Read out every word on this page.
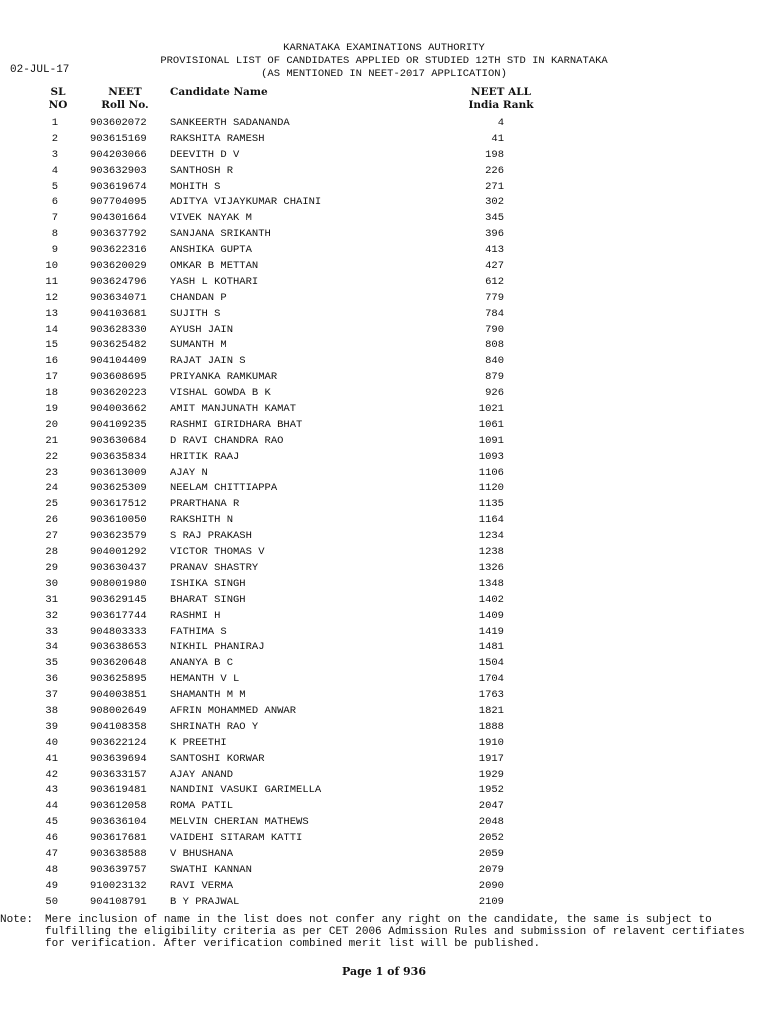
KARNATAKA EXAMINATIONS AUTHORITY
PROVISIONAL LIST OF CANDIDATES APPLIED OR STUDIED 12TH STD IN KARNATAKA
(AS MENTIONED IN NEET-2017 APPLICATION)
02-JUL-17
SL
NO
NEET
Roll No.
Candidate Name	NEET ALL
India Rank
1	903602072 SANKEERTH SADANANDA	4
2	903615169 RAKSHITA RAMESH	41
3	904203066 DEEVITH D V	198
4	903632903 SANTHOSH R	226
5	903619674 MOHITH S	271
6	907704095 ADITYA VIJAYKUMAR CHAINI	302
7	904301664 VIVEK NAYAK M	345
8	903637792 SANJANA SRIKANTH	396
9	903622316 ANSHIKA GUPTA	413
10	903620029 OMKAR B METTAN	427
11	903624796 YASH L KOTHARI	612
12	903634071 CHANDAN P	779
13	904103681 SUJITH S	784
14	903628330 AYUSH JAIN	790
15	903625482 SUMANTH M	808
16	904104409 RAJAT JAIN S	840
17	903608695 PRIYANKA RAMKUMAR	879
18	903620223 VISHAL GOWDA B K	926
19	904003662 AMIT MANJUNATH KAMAT	1021
20	904109235 RASHMI GIRIDHARA BHAT	1061
21	903630684 D RAVI CHANDRA RAO	1091
22	903635834 HRITIK RAAJ	1093
23	903613009 AJAY N	1106
24	903625309 NEELAM CHITTIAPPA	1120
25	903617512 PRARTHANA R	1135
26	903610050 RAKSHITH N	1164
27	903623579 S RAJ PRAKASH	1234
28	904001292 VICTOR THOMAS V	1238
29	903630437 PRANAV SHASTRY	1326
30	908001980 ISHIKA SINGH	1348
31	903629145 BHARAT SINGH	1402
32	903617744 RASHMI H	1409
33	904803333 FATHIMA S	1419
34	903638653 NIKHIL PHANIRAJ	1481
35	903620648 ANANYA B C	1504
36	903625895 HEMANTH V L	1704
37	904003851 SHAMANTH M M	1763
38	908002649 AFRIN MOHAMMED ANWAR	1821
39	904108358 SHRINATH RAO Y	1888
40	903622124 K PREETHI	1910
41	903639694 SANTOSHI KORWAR	1917
42	903633157 AJAY ANAND	1929
43	903619481 NANDINI VASUKI GARIMELLA	1952
44	903612058 ROMA PATIL	2047
45	903636104 MELVIN CHERIAN MATHEWS	2048
46	903617681 VAIDEHI SITARAM KATTI	2052
47	903638588 V BHUSHANA	2059
48	903639757 SWATHI KANNAN	2079
49	910023132 RAVI VERMA	2090
50	904108791 B Y PRAJWAL	2109
Note: Mere inclusion of name in the list does not confer any right on the candidate, the same is subject to fulfilling the eligibility criteria as per CET 2006 Admission Rules and submission of relavent certifiates for verification. After verification combined merit list will be published.
Page 1 of 936
